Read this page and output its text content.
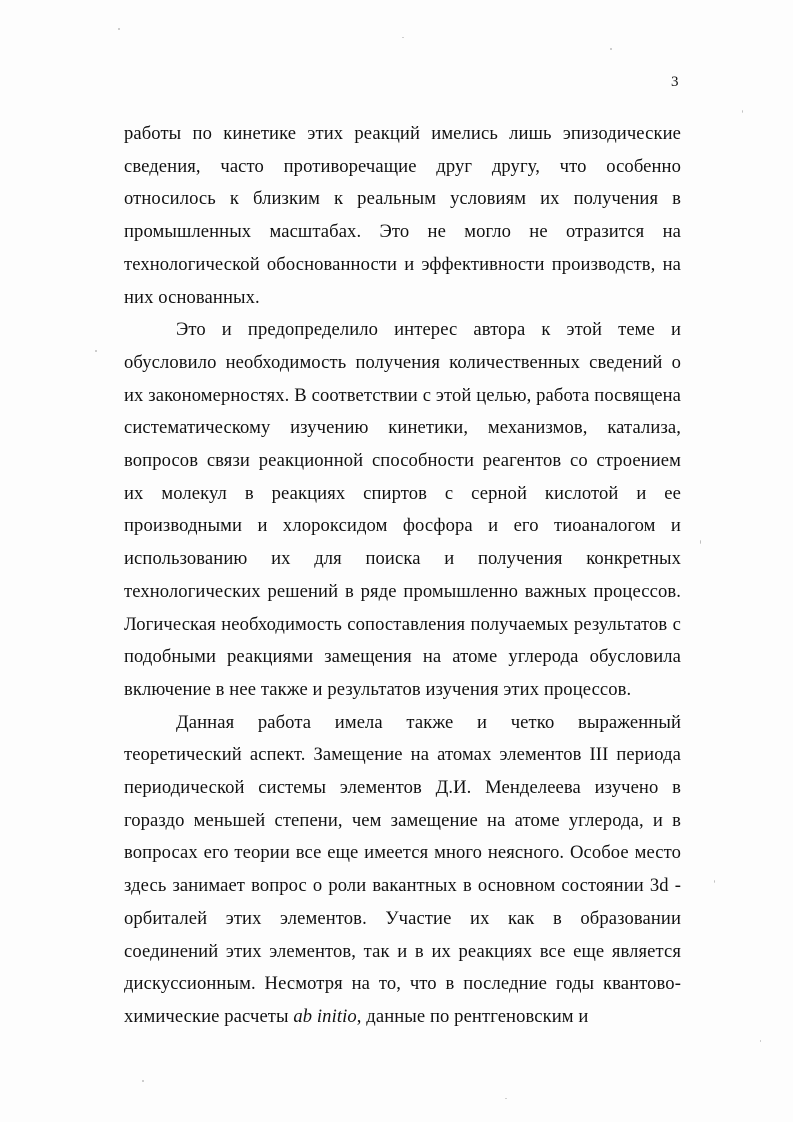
3

работы по кинетике этих реакций имелись лишь эпизодические сведения, часто противоречащие друг другу, что особенно относилось к близким к реальным условиям их получения в промышленных масштабах. Это не могло не отразится на технологической обоснованности и эффективности производств, на них основанных.

Это и предопределило интерес автора к этой теме и обусловило необходимость получения количественных сведений о их закономерностях. В соответствии с этой целью, работа посвящена систематическому изучению кинетики, механизмов, катализа, вопросов связи реакционной способности реагентов со строением их молекул в реакциях спиртов с серной кислотой и ее производными и хлороксидом фосфора и его тиоаналогом и использованию их для поиска и получения конкретных технологических решений в ряде промышленно важных процессов. Логическая необходимость сопоставления получаемых результатов с подобными реакциями замещения на атоме углерода обусловила включение в нее также и результатов изучения этих процессов.

Данная работа имела также и четко выраженный теоретический аспект. Замещение на атомах элементов III периода периодической системы элементов Д.И. Менделеева изучено в гораздо меньшей степени, чем замещение на атоме углерода, и в вопросах его теории все еще имеется много неясного. Особое место здесь занимает вопрос о роли вакантных в основном состоянии 3d - орбиталей этих элементов. Участие их как в образовании соединений этих элементов, так и в их реакциях все еще является дискуссионным. Несмотря на то, что в последние годы квантово-химические расчеты ab initio, данные по рентгеновским и
